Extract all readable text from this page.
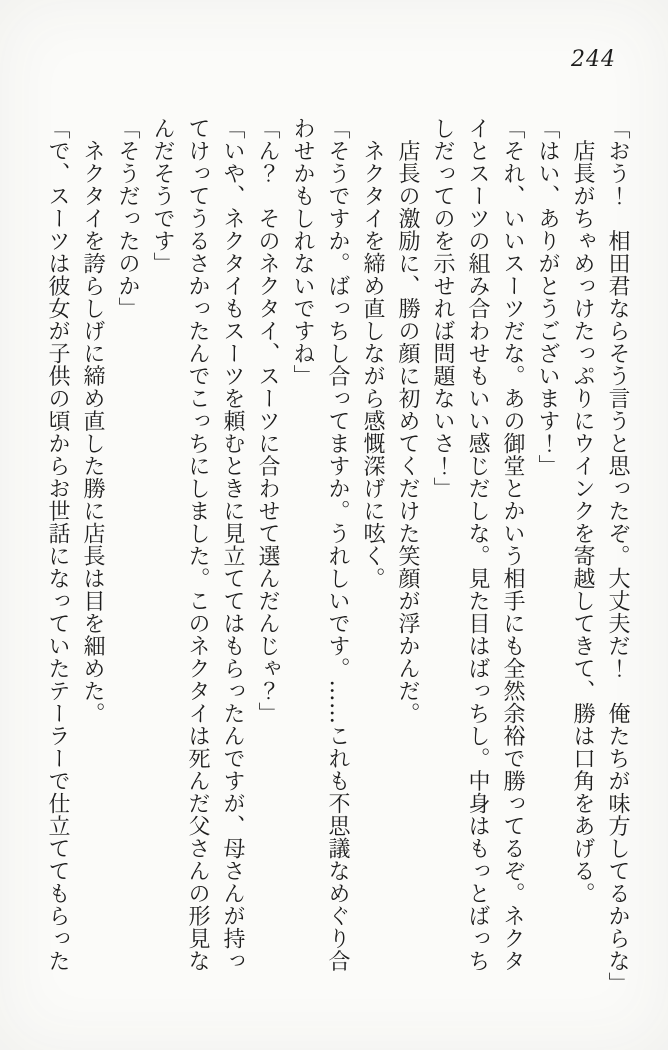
244

「おう！　相田君ならそう言うと思ったぞ。大丈夫だ！　俺たちが味方してるからな」

　店長がちゃめっけたっぷりにウインクを寄越してきて、勝は口角をあげる。

「はい、ありがとうございます！」

「それ、いいスーツだな。あの御堂とかいう相手にも全然余裕で勝ってるぞ。ネクタ

イとスーツの組み合わせもいい感じだしな。見た目はばっちし。中身はもっとばっち

しだってのを示せれば問題ないさ！」

　店長の激励に、勝の顔に初めてくだけた笑顔が浮かんだ。

　ネクタイを締め直しながら感慨深げに呟く。

「そうですか。ばっちし合ってますか。うれしいです。……これも不思議なめぐり合

わせかもしれないですね」

「ん？　そのネクタイ、スーツに合わせて選んだんじゃ？」

「いや、ネクタイもスーツを頼むときに見立ててはもらったんですが、母さんが持っ

てけってうるさかったんでこっちにしました。このネクタイは死んだ父さんの形見な

んだそうです」

「そうだったのか」

　ネクタイを誇らしげに締め直した勝に店長は目を細めた。

「で、スーツは彼女が子供の頃からお世話になっていたテーラーで仕立ててもらった
